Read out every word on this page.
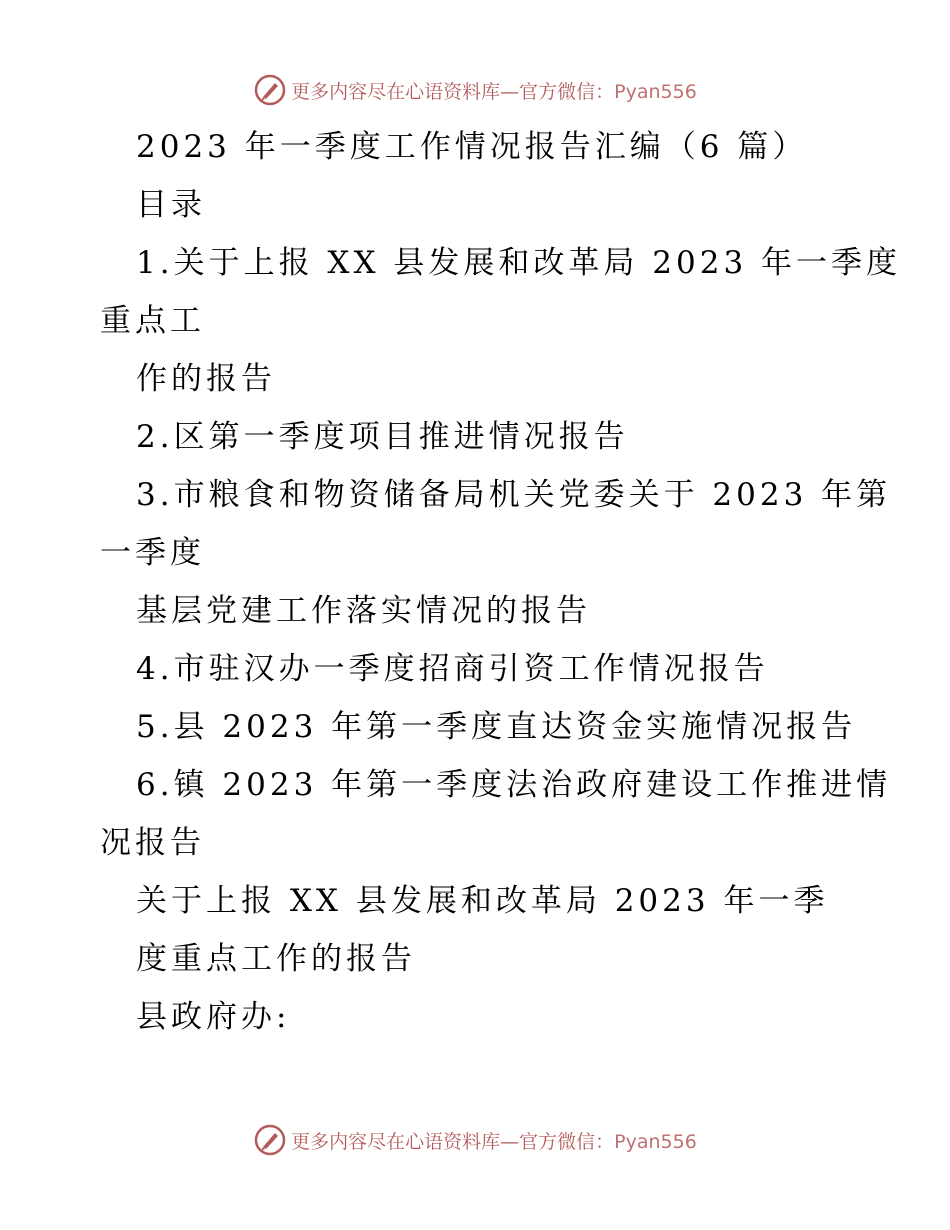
更多内容尽在心语资料库—官方微信：Pyan556
2023 年一季度工作情况报告汇编（6 篇）
目录
1.关于上报 XX 县发展和改革局 2023 年一季度
重点工
作的报告
2.区第一季度项目推进情况报告
3.市粮食和物资储备局机关党委关于 2023 年第
一季度
基层党建工作落实情况的报告
4.市驻汉办一季度招商引资工作情况报告
5.县 2023 年第一季度直达资金实施情况报告
6.镇 2023 年第一季度法治政府建设工作推进情
况报告
关于上报 XX 县发展和改革局 2023 年一季
度重点工作的报告
县政府办:
更多内容尽在心语资料库—官方微信：Pyan556
